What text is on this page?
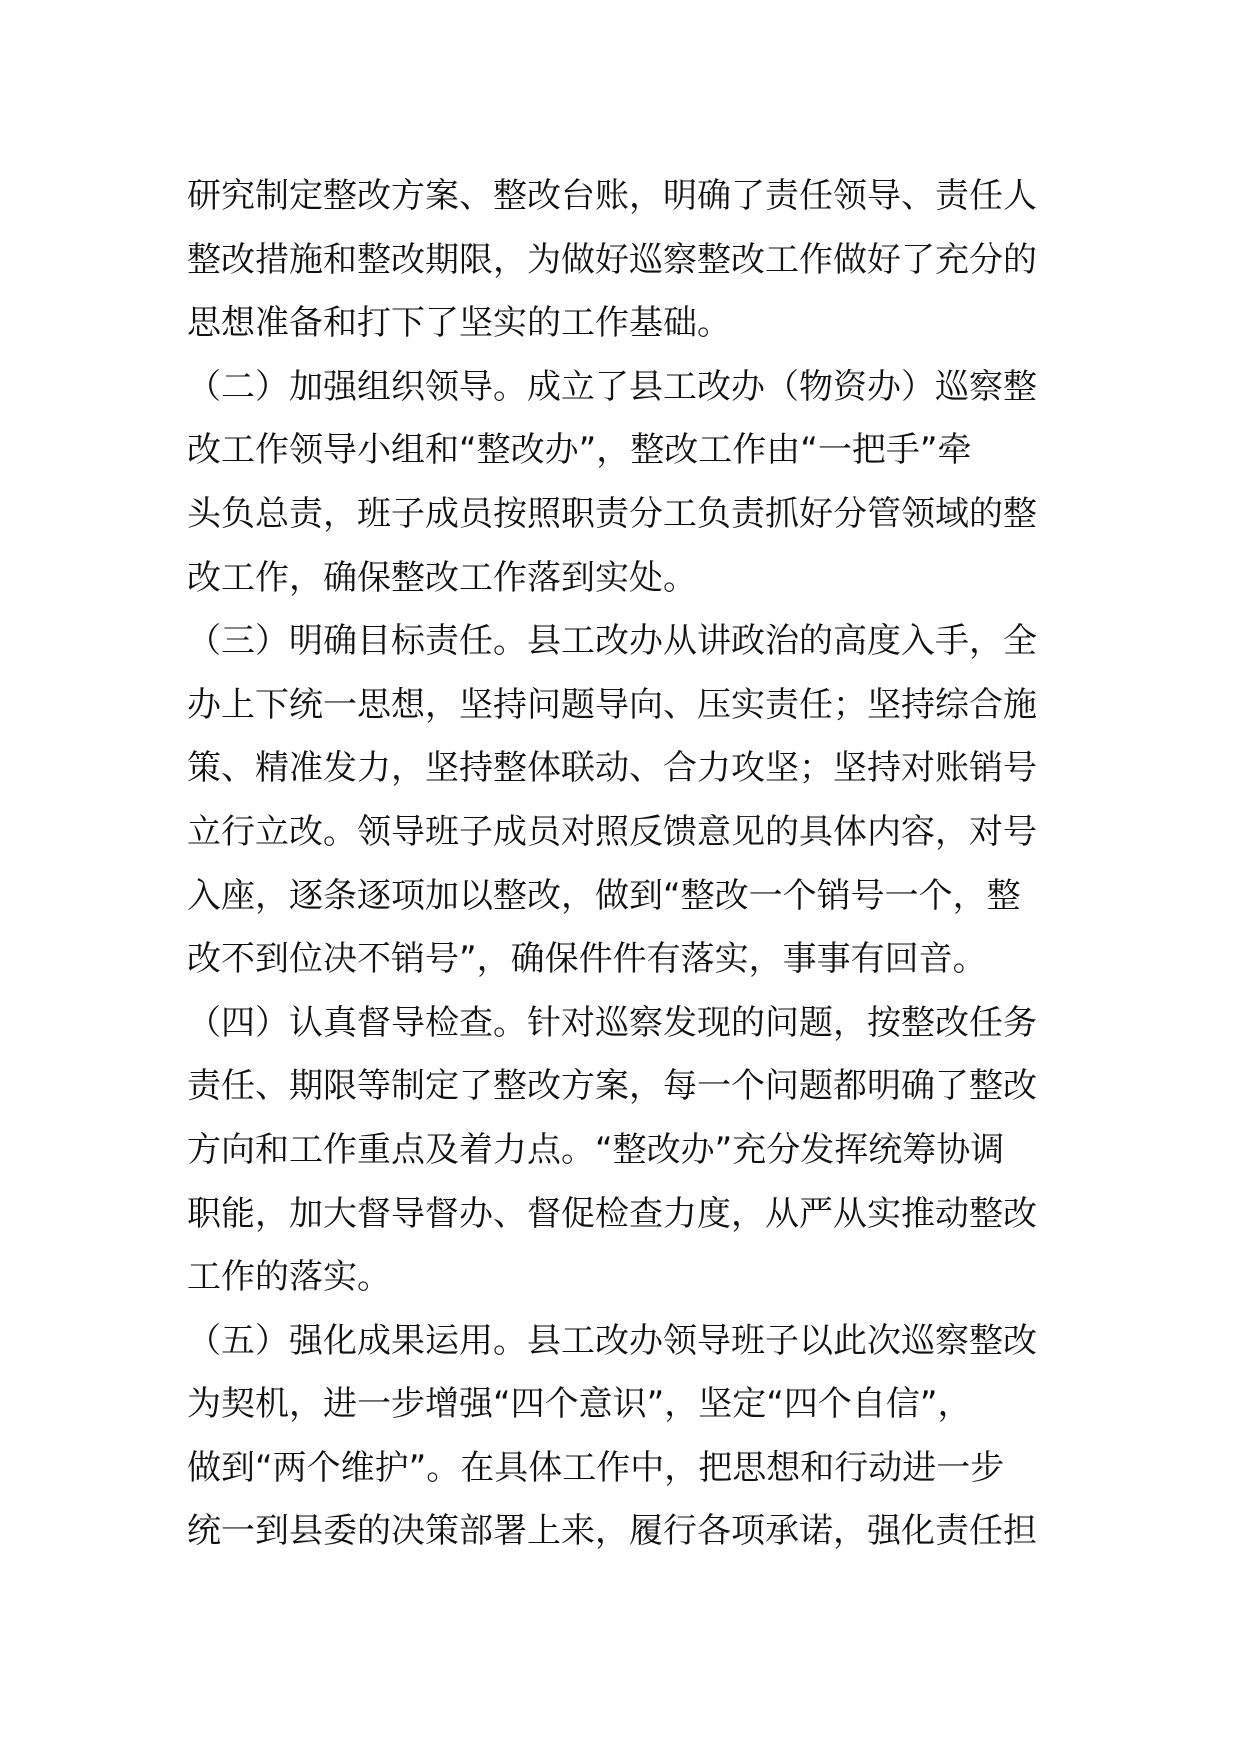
研究制定整改方案、整改台账，明确了责任领导、责任人
整改措施和整改期限，为做好巡察整改工作做好了充分的
思想准备和打下了坚实的工作基础。
（二）加强组织领导。成立了县工改办（物资办）巡察整
改工作领导小组和“整改办”，整改工作由“一把手”牵
头负总责，班子成员按照职责分工负责抓好分管领域的整
改工作，确保整改工作落到实处。
（三）明确目标责任。县工改办从讲政治的高度入手，全
办上下统一思想，坚持问题导向、压实责任；坚持综合施
策、精准发力，坚持整体联动、合力攻坚；坚持对账销号
立行立改。领导班子成员对照反馈意见的具体内容，对号
入座，逐条逐项加以整改，做到“整改一个销号一个，整
改不到位决不销号”，确保件件有落实，事事有回音。
（四）认真督导检查。针对巡察发现的问题，按整改任务
责任、期限等制定了整改方案，每一个问题都明确了整改
方向和工作重点及着力点。“整改办”充分发挥统筹协调
职能，加大督导督办、督促检查力度，从严从实推动整改
工作的落实。
（五）强化成果运用。县工改办领导班子以此次巡察整改
为契机，进一步增强“四个意识”，坚定“四个自信”，
做到“两个维护”。在具体工作中，把思想和行动进一步
统一到县委的决策部署上来，履行各项承诺，强化责任担
